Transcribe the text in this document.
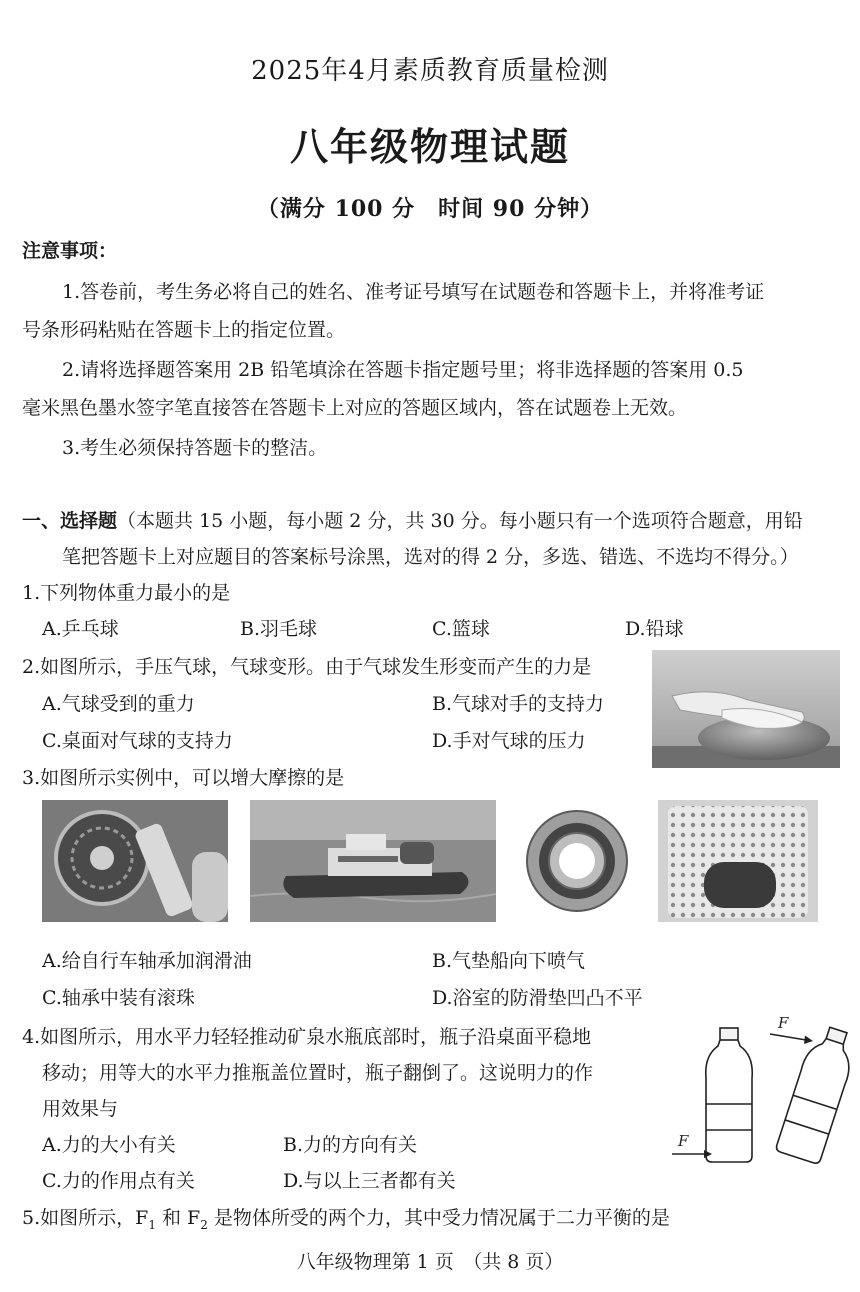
2025年4月素质教育质量检测
八年级物理试题
（满分 100 分　时间 90 分钟）
注意事项：
1.答卷前，考生务必将自己的姓名、准考证号填写在试题卷和答题卡上，并将准考证
号条形码粘贴在答题卡上的指定位置。
2.请将选择题答案用 2B 铅笔填涂在答题卡指定题号里；将非选择题的答案用 0.5
毫米黑色墨水签字笔直接答在答题卡上对应的答题区域内，答在试题卷上无效。
3.考生必须保持答题卡的整洁。
一、选择题（本题共 15 小题，每小题 2 分，共 30 分。每小题只有一个选项符合题意，用铅
笔把答题卡上对应题目的答案标号涂黑，选对的得 2 分，多选、错选、不选均不得分。）
1.下列物体重力最小的是
A.乒乓球	B.羽毛球	C.篮球	D.铅球
2.如图所示，手压气球，气球变形。由于气球发生形变而产生的力是
A.气球受到的重力	B.气球对手的支持力
C.桌面对气球的支持力	D.手对气球的压力
3.如图所示实例中，可以增大摩擦的是
A.给自行车轴承加润滑油	B.气垫船向下喷气
C.轴承中装有滚珠	D.浴室的防滑垫凹凸不平
4.如图所示，用水平力轻轻推动矿泉水瓶底部时，瓶子沿桌面平稳地
移动；用等大的水平力推瓶盖位置时，瓶子翻倒了。这说明力的作
用效果与
A.力的大小有关	B.力的方向有关
C.力的作用点有关	D.与以上三者都有关
F
F
5.如图所示，$F_1$ 和 $F_2$ 是物体所受的两个力，其中受力情况属于二力平衡的是
八年级物理第 1 页　（共 8 页）
